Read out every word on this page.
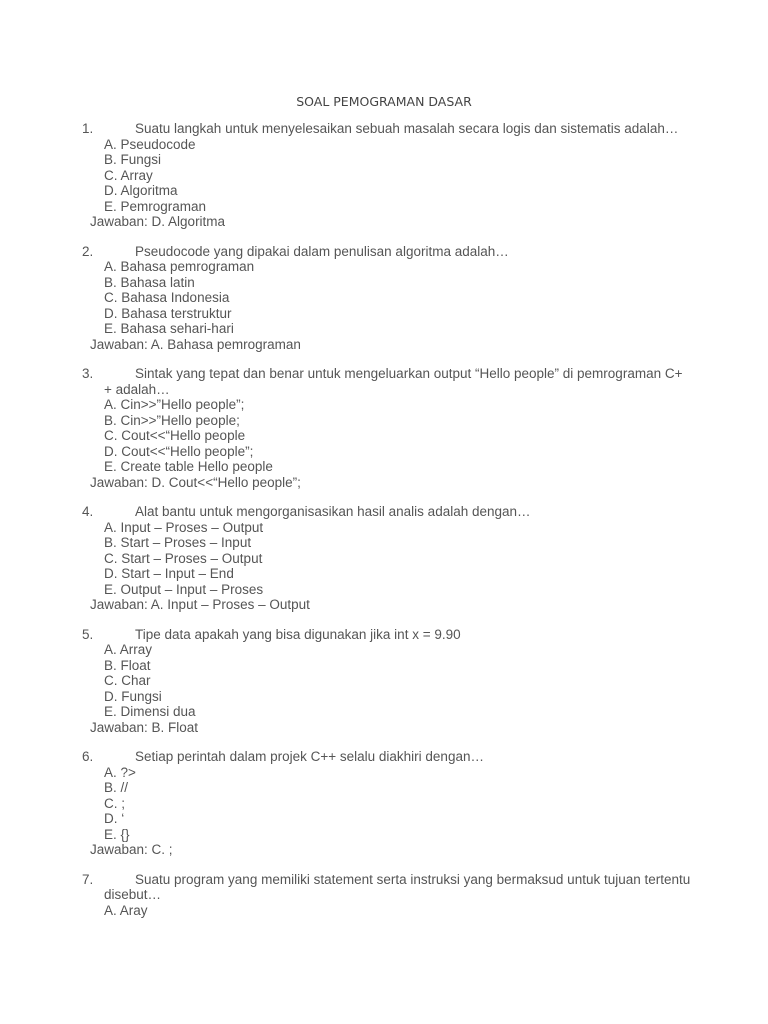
SOAL PEMOGRAMAN DASAR
1.	Suatu langkah untuk menyelesaikan sebuah masalah secara logis dan sistematis adalah…
A. Pseudocode
B. Fungsi
C. Array
D. Algoritma
E. Pemrograman
Jawaban: D. Algoritma
2.	Pseudocode yang dipakai dalam penulisan algoritma adalah…
A. Bahasa pemrograman
B. Bahasa latin
C. Bahasa Indonesia
D. Bahasa terstruktur
E. Bahasa sehari-hari
Jawaban: A. Bahasa pemrograman
3.	Sintak yang tepat dan benar untuk mengeluarkan output “Hello people” di pemrograman C+
+ adalah…
A. Cin>>”Hello people”;
B. Cin>>”Hello people;
C. Cout<<“Hello people
D. Cout<<“Hello people”;
E. Create table Hello people
Jawaban: D. Cout<<“Hello people”;
4.	Alat bantu untuk mengorganisasikan hasil analis adalah dengan…
A. Input – Proses – Output
B. Start – Proses – Input
C. Start – Proses – Output
D. Start – Input – End
E. Output – Input – Proses
Jawaban: A. Input – Proses – Output
5.	Tipe data apakah yang bisa digunakan jika int x = 9.90
A. Array
B. Float
C. Char
D. Fungsi
E. Dimensi dua
Jawaban: B. Float
6.	Setiap perintah dalam projek C++ selalu diakhiri dengan…
A. ?>
B. //
C. ;
D. ‘
E. {}
Jawaban: C. ;
7.	Suatu program yang memiliki statement serta instruksi yang bermaksud untuk tujuan tertentu
disebut…
A. Aray
